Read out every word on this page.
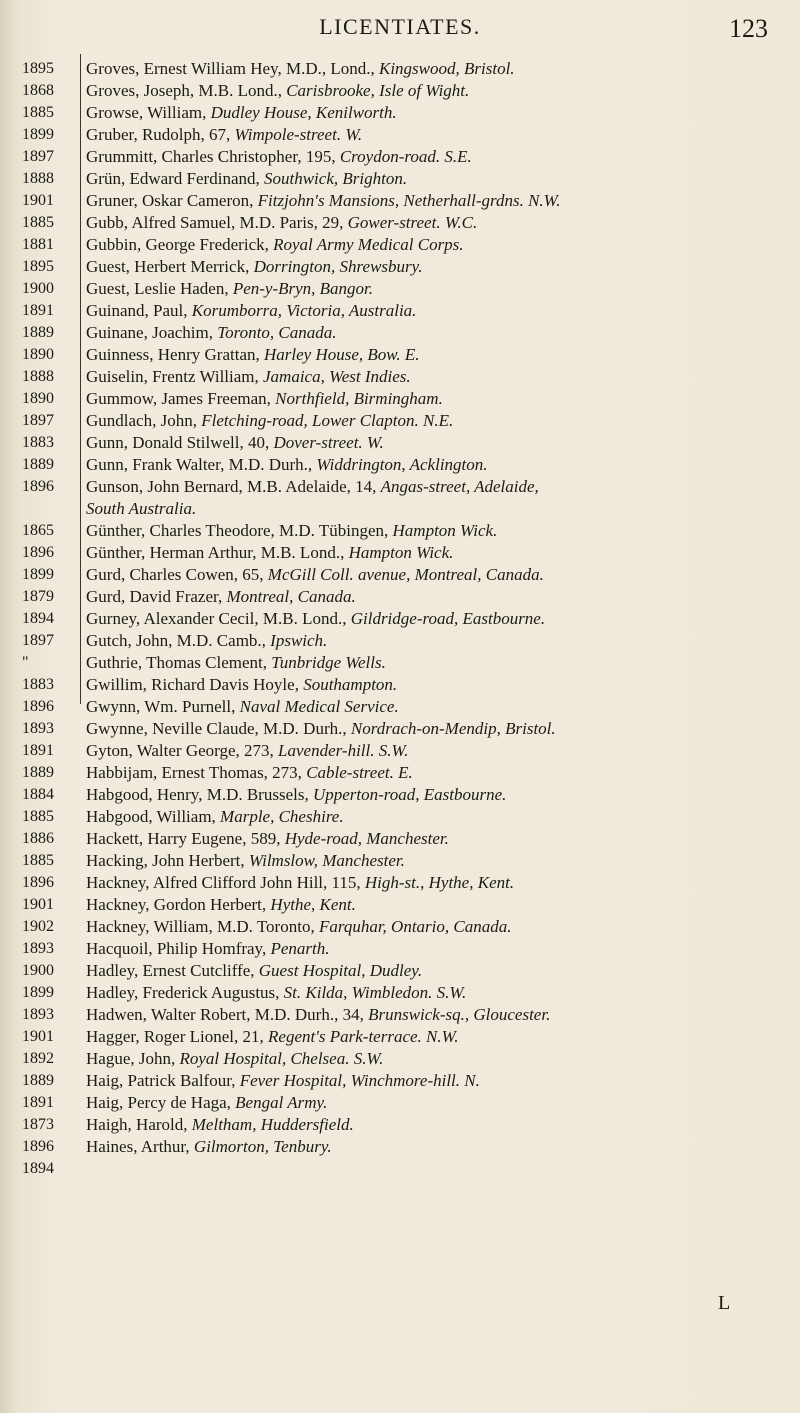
LICENTIATES.	123
1895
1868
1885
1899
1897
1888
1901
1885
1881
1895
1900
1891
1889
1890
1888
1890
1897
1883
1889
1896
1865
1896
1899
1879
1894
1897
"
1883
1896
1893
1891
1889
1884
1885
1886
1885
1896
1901
1902
1893
1900
1899
1893
1901
1892
1889
1891
1873
1896
1894
Groves, Ernest William Hey, M.D., Lond., Kingswood, Bristol.
Groves, Joseph, M.B. Lond., Carisbrooke, Isle of Wight.
Growse, William, Dudley House, Kenilworth.
Gruber, Rudolph, 67, Wimpole-street. W.
Grummitt, Charles Christopher, 195, Croydon-road. S.E.
Grün, Edward Ferdinand, Southwick, Brighton.
Gruner, Oskar Cameron, Fitzjohn's Mansions, Netherhall-grdns. N.W.
Gubb, Alfred Samuel, M.D. Paris, 29, Gower-street. W.C.
Gubbin, George Frederick, Royal Army Medical Corps.
Guest, Herbert Merrick, Dorrington, Shrewsbury.
Guest, Leslie Haden, Pen-y-Bryn, Bangor.
Guinand, Paul, Korumborra, Victoria, Australia.
Guinane, Joachim, Toronto, Canada.
Guinness, Henry Grattan, Harley House, Bow. E.
Guiselin, Frentz William, Jamaica, West Indies.
Gummow, James Freeman, Northfield, Birmingham.
Gundlach, John, Fletching-road, Lower Clapton. N.E.
Gunn, Donald Stilwell, 40, Dover-street. W.
Gunn, Frank Walter, M.D. Durh., Widdrington, Acklington.
Gunson, John Bernard, M.B. Adelaide, 14, Angas-street, Adelaide,
South Australia.
Günther, Charles Theodore, M.D. Tübingen, Hampton Wick.
Günther, Herman Arthur, M.B. Lond., Hampton Wick.
Gurd, Charles Cowen, 65, McGill Coll. avenue, Montreal, Canada.
Gurd, David Frazer, Montreal, Canada.
Gurney, Alexander Cecil, M.B. Lond., Gildridge-road, Eastbourne.
Gutch, John, M.D. Camb., Ipswich.
Guthrie, Thomas Clement, Tunbridge Wells.
Gwillim, Richard Davis Hoyle, Southampton.
Gwynn, Wm. Purnell, Naval Medical Service.
Gwynne, Neville Claude, M.D. Durh., Nordrach-on-Mendip, Bristol.
Gyton, Walter George, 273, Lavender-hill. S.W.
Habbijam, Ernest Thomas, 273, Cable-street. E.
Habgood, Henry, M.D. Brussels, Upperton-road, Eastbourne.
Habgood, William, Marple, Cheshire.
Hackett, Harry Eugene, 589, Hyde-road, Manchester.
Hacking, John Herbert, Wilmslow, Manchester.
Hackney, Alfred Clifford John Hill, 115, High-st., Hythe, Kent.
Hackney, Gordon Herbert, Hythe, Kent.
Hackney, William, M.D. Toronto, Farquhar, Ontario, Canada.
Hacquoil, Philip Homfray, Penarth.
Hadley, Ernest Cutcliffe, Guest Hospital, Dudley.
Hadley, Frederick Augustus, St. Kilda, Wimbledon. S.W.
Hadwen, Walter Robert, M.D. Durh., 34, Brunswick-sq., Gloucester.
Hagger, Roger Lionel, 21, Regent's Park-terrace. N.W.
Hague, John, Royal Hospital, Chelsea. S.W.
Haig, Patrick Balfour, Fever Hospital, Winchmore-hill. N.
Haig, Percy de Haga, Bengal Army.
Haigh, Harold, Meltham, Huddersfield.
Haines, Arthur, Gilmorton, Tenbury.
L
